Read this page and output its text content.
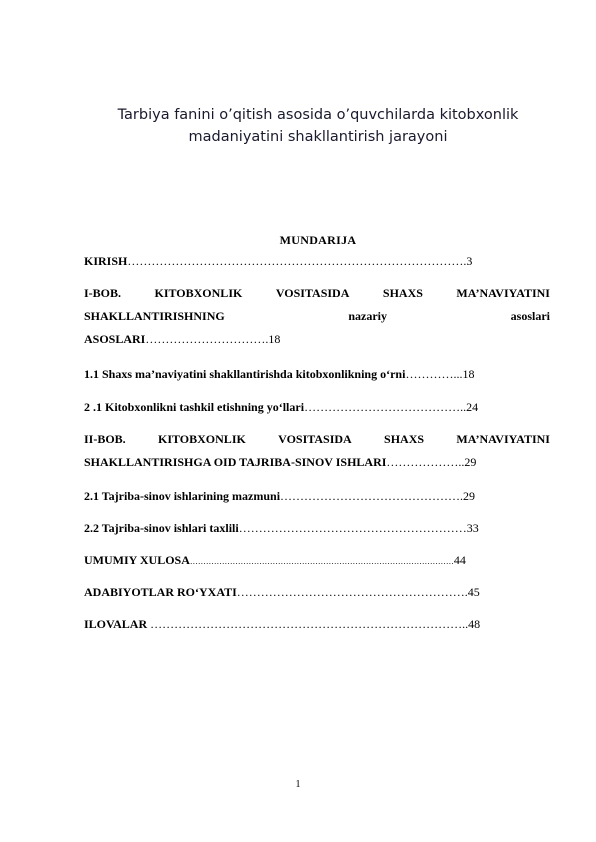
Tarbiya fanini o’qitish asosida o’quvchilarda kitobxonlik
madaniyatini shakllantirish jarayoni
MUNDARIJA
KIRISH………………………………………………………………………….3
I-BOB.	KITOBXONLIK	VOSITASIDA	SHAXS	MA’NAVIYATINI
SHAKLLANTIRISHNING	nazariy	asoslari
ASOSLARI………………………….18
1.1 Shaxs ma’naviyatini shakllantirishda kitobxonlikning o‘rni…………...18
2 .1 Kitobxonlikni tashkil etishning yo‘llari…………………………………..24
II-BOB.	KITOBXONLIK	VOSITASIDA	SHAXS	MA’NAVIYATINI
SHAKLLANTIRISHGA OID TAJRIBA-SINOV ISHLARI………………..29
2.1 Tajriba-sinov ishlarining mazmuni……………………………………….29
2.2 Tajriba-sinov ishlari taxlili…………………………………………………33
UMUMIY XULOSA………………………………………………………………………………………44
ADABIYOTLAR RO‘YXATI………………………………………………….45
ILOVALAR ……………………………………………………………………..48
1
